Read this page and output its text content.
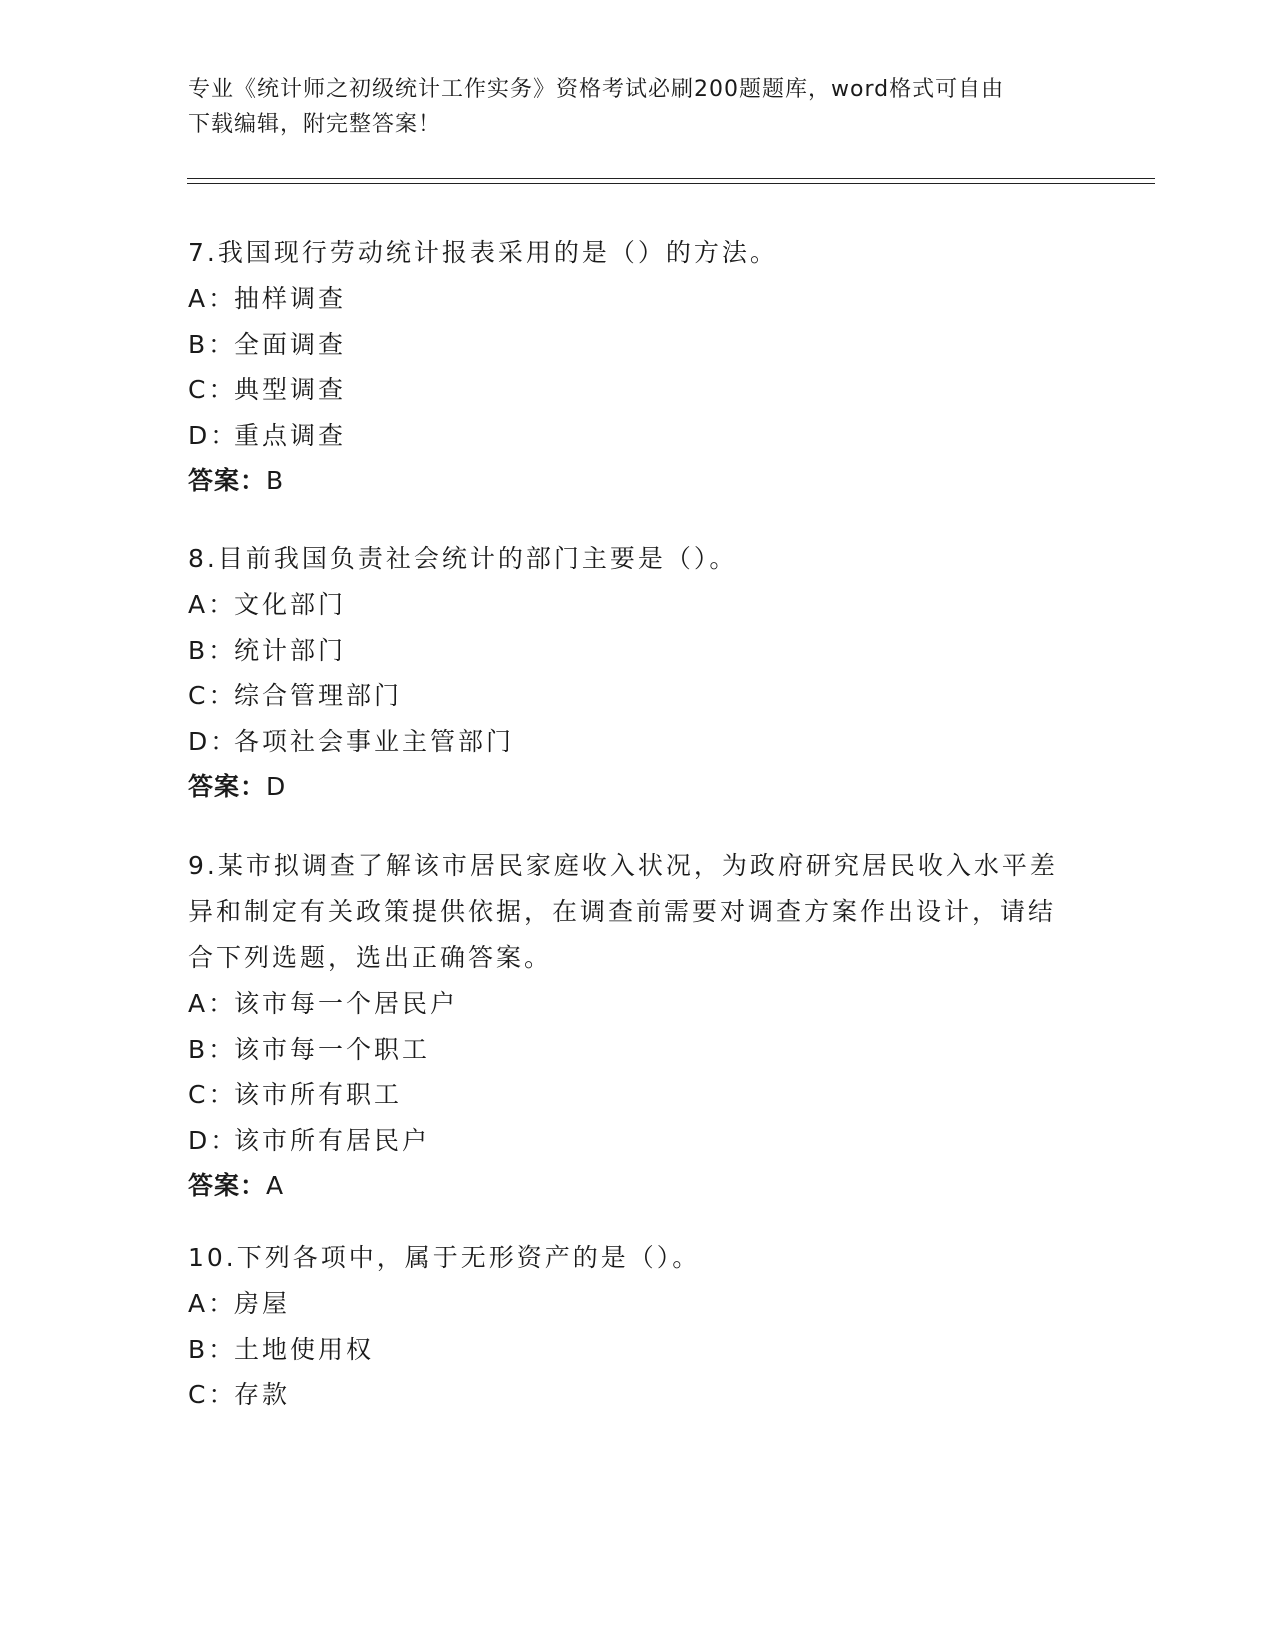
专业《统计师之初级统计工作实务》资格考试必刷200题题库，word格式可自由
下载编辑，附完整答案！

7.我国现行劳动统计报表采用的是（）的方法。

A：抽样调查

B：全面调查

C：典型调查

D：重点调查

答案：B

8.目前我国负责社会统计的部门主要是（）。

A：文化部门

B：统计部门

C：综合管理部门

D：各项社会事业主管部门

答案：D

9.某市拟调查了解该市居民家庭收入状况，为政府研究居民收入水平差异和制定有关政策提供依据，在调查前需要对调查方案作出设计，请结合下列选题，选出正确答案。

A：该市每一个居民户

B：该市每一个职工

C：该市所有职工

D：该市所有居民户

答案：A

10.下列各项中，属于无形资产的是（）。

A：房屋

B：土地使用权

C：存款
